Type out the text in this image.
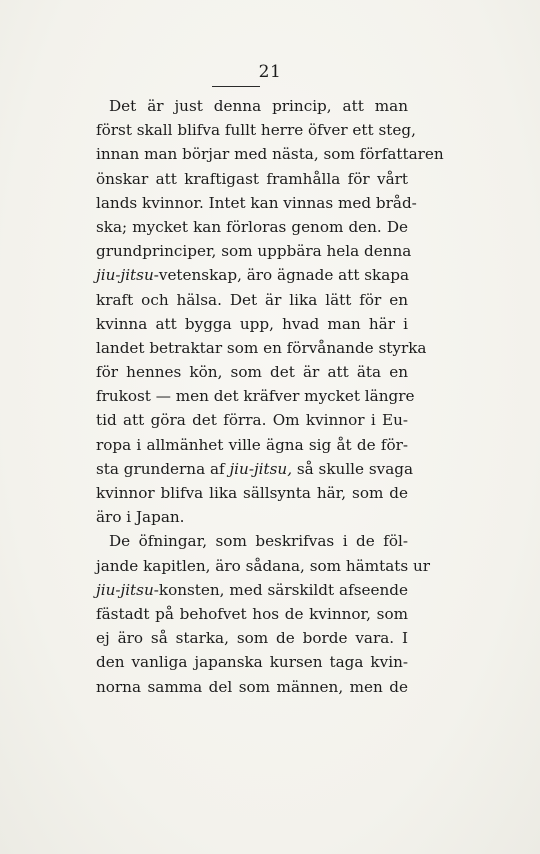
21
Det är just denna princip, att man
först skall blifva fullt herre öfver ett steg,
innan man börjar med nästa, som författaren
önskar att kraftigast framhålla för vårt
lands kvinnor. Intet kan vinnas med bråd-
ska; mycket kan förloras genom den. De
grundprinciper, som uppbära hela denna
jiu-jitsu-vetenskap, äro ägnade att skapa
kraft och hälsa. Det är lika lätt för en
kvinna att bygga upp, hvad man här i
landet betraktar som en förvånande styrka
för hennes kön, som det är att äta en
frukost — men det kräfver mycket längre
tid att göra det förra. Om kvinnor i Eu-
ropa i allmänhet ville ägna sig åt de för-
sta grunderna af jiu-jitsu, så skulle svaga
kvinnor blifva lika sällsynta här, som de
äro i Japan.
De öfningar, som beskrifvas i de föl-
jande kapitlen, äro sådana, som hämtats ur
jiu-jitsu-konsten, med särskildt afseende
fästadt på behofvet hos de kvinnor, som
ej äro så starka, som de borde vara. I
den vanliga japanska kursen taga kvin-
norna samma del som männen, men de
